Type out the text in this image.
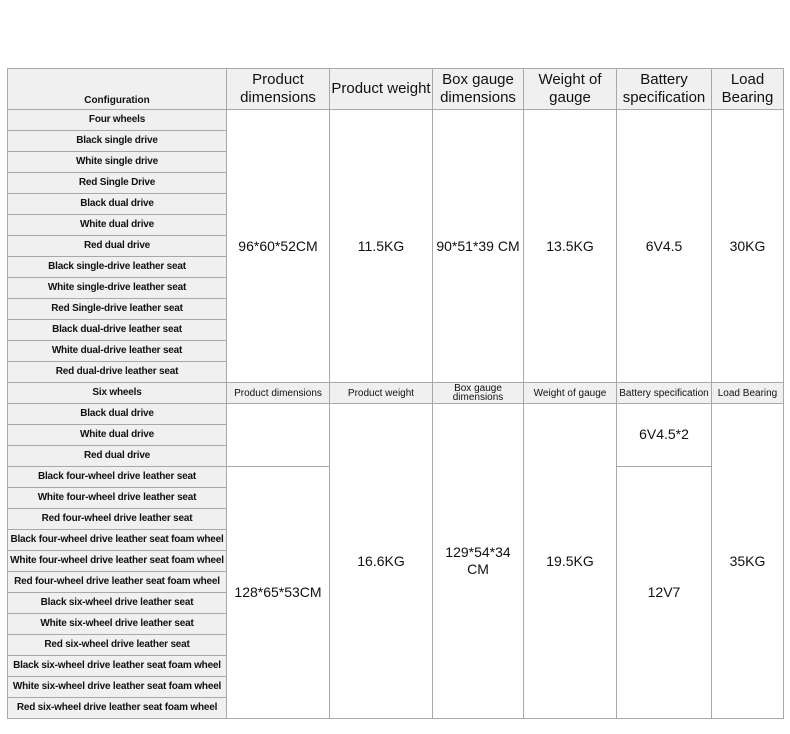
Configuration	Product dimensions	Product weight	Box gauge dimensions	Weight of gauge	Battery specification	Load Bearing
Four wheels	96*60*52CM	11.5KG	90*51*39 CM	13.5KG	6V4.5	30KG
Black single drive						
White single drive						
Red Single Drive						
Black dual drive						
White dual drive						
Red dual drive						
Black single-drive leather seat						
White single-drive leather seat						
Red Single-drive leather seat						
Black dual-drive leather seat						
White dual-drive leather seat						
Red dual-drive leather seat						
Six wheels	Product dimensions	Product weight	Box gauge dimensions	Weight of gauge	Battery specification	Load Bearing
Black dual drive		16.6KG	129*54*34 CM	19.5KG	6V4.5*2	35KG
White dual drive						
Red dual drive						
Black four-wheel drive leather seat	128*65*53CM				12V7	
White four-wheel drive leather seat						
Red four-wheel drive leather seat						
Black four-wheel drive leather seat foam wheel						
White four-wheel drive leather seat foam wheel						
Red four-wheel drive leather seat foam wheel						
Black six-wheel drive leather seat						
White six-wheel drive leather seat						
Red six-wheel drive leather seat						
Black six-wheel drive leather seat foam wheel						
White six-wheel drive leather seat foam wheel						
Red six-wheel drive leather seat foam wheel						
